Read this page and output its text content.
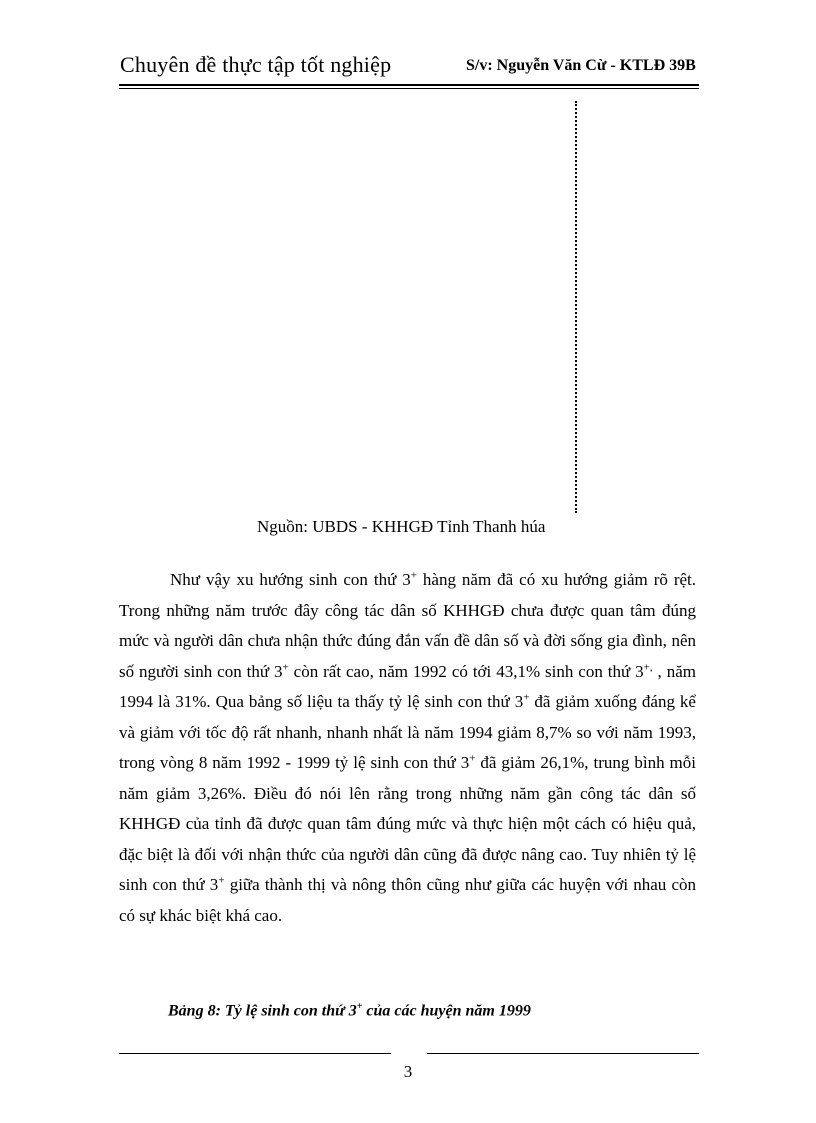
Chuyên đề thực tập tốt nghiệp	S/v: Nguyễn Văn Cừ - KTLĐ 39B
Nguồn: UBDS - KHHGĐ Tỉnh Thanh húa

Như vậy xu hướng sinh con thứ 3+ hàng năm đã có xu hướng giảm rõ rệt. Trong những năm trước đây công tác dân số KHHGĐ chưa được quan tâm đúng mức và người dân chưa nhận thức đúng đắn vấn đề dân số và đời sống gia đình, nên số người sinh con thứ 3+ còn rất cao, năm 1992 có tới 43,1% sinh con thứ 3+, , năm 1994 là 31%. Qua bảng số liệu ta thấy tỷ lệ sinh con thứ 3+ đã giảm xuống đáng kể và giảm với tốc độ rất nhanh, nhanh nhất là năm 1994 giảm 8,7% so với năm 1993, trong vòng 8 năm 1992 - 1999 tỷ lệ sinh con thứ 3+ đã giảm 26,1%, trung bình mỗi năm giảm 3,26%. Điều đó nói lên rằng trong những năm gần công tác dân số KHHGĐ của tỉnh đã được quan tâm đúng mức và thực hiện một cách có hiệu quả, đặc biệt là đối với nhận thức của người dân cũng đã được nâng cao. Tuy nhiên tỷ lệ sinh con thứ 3+ giữa thành thị và nông thôn cũng như giữa các huyện với nhau còn có sự khác biệt khá cao.

Bảng 8: Tỷ lệ sinh con thứ 3+ của các huyện năm 1999
3
